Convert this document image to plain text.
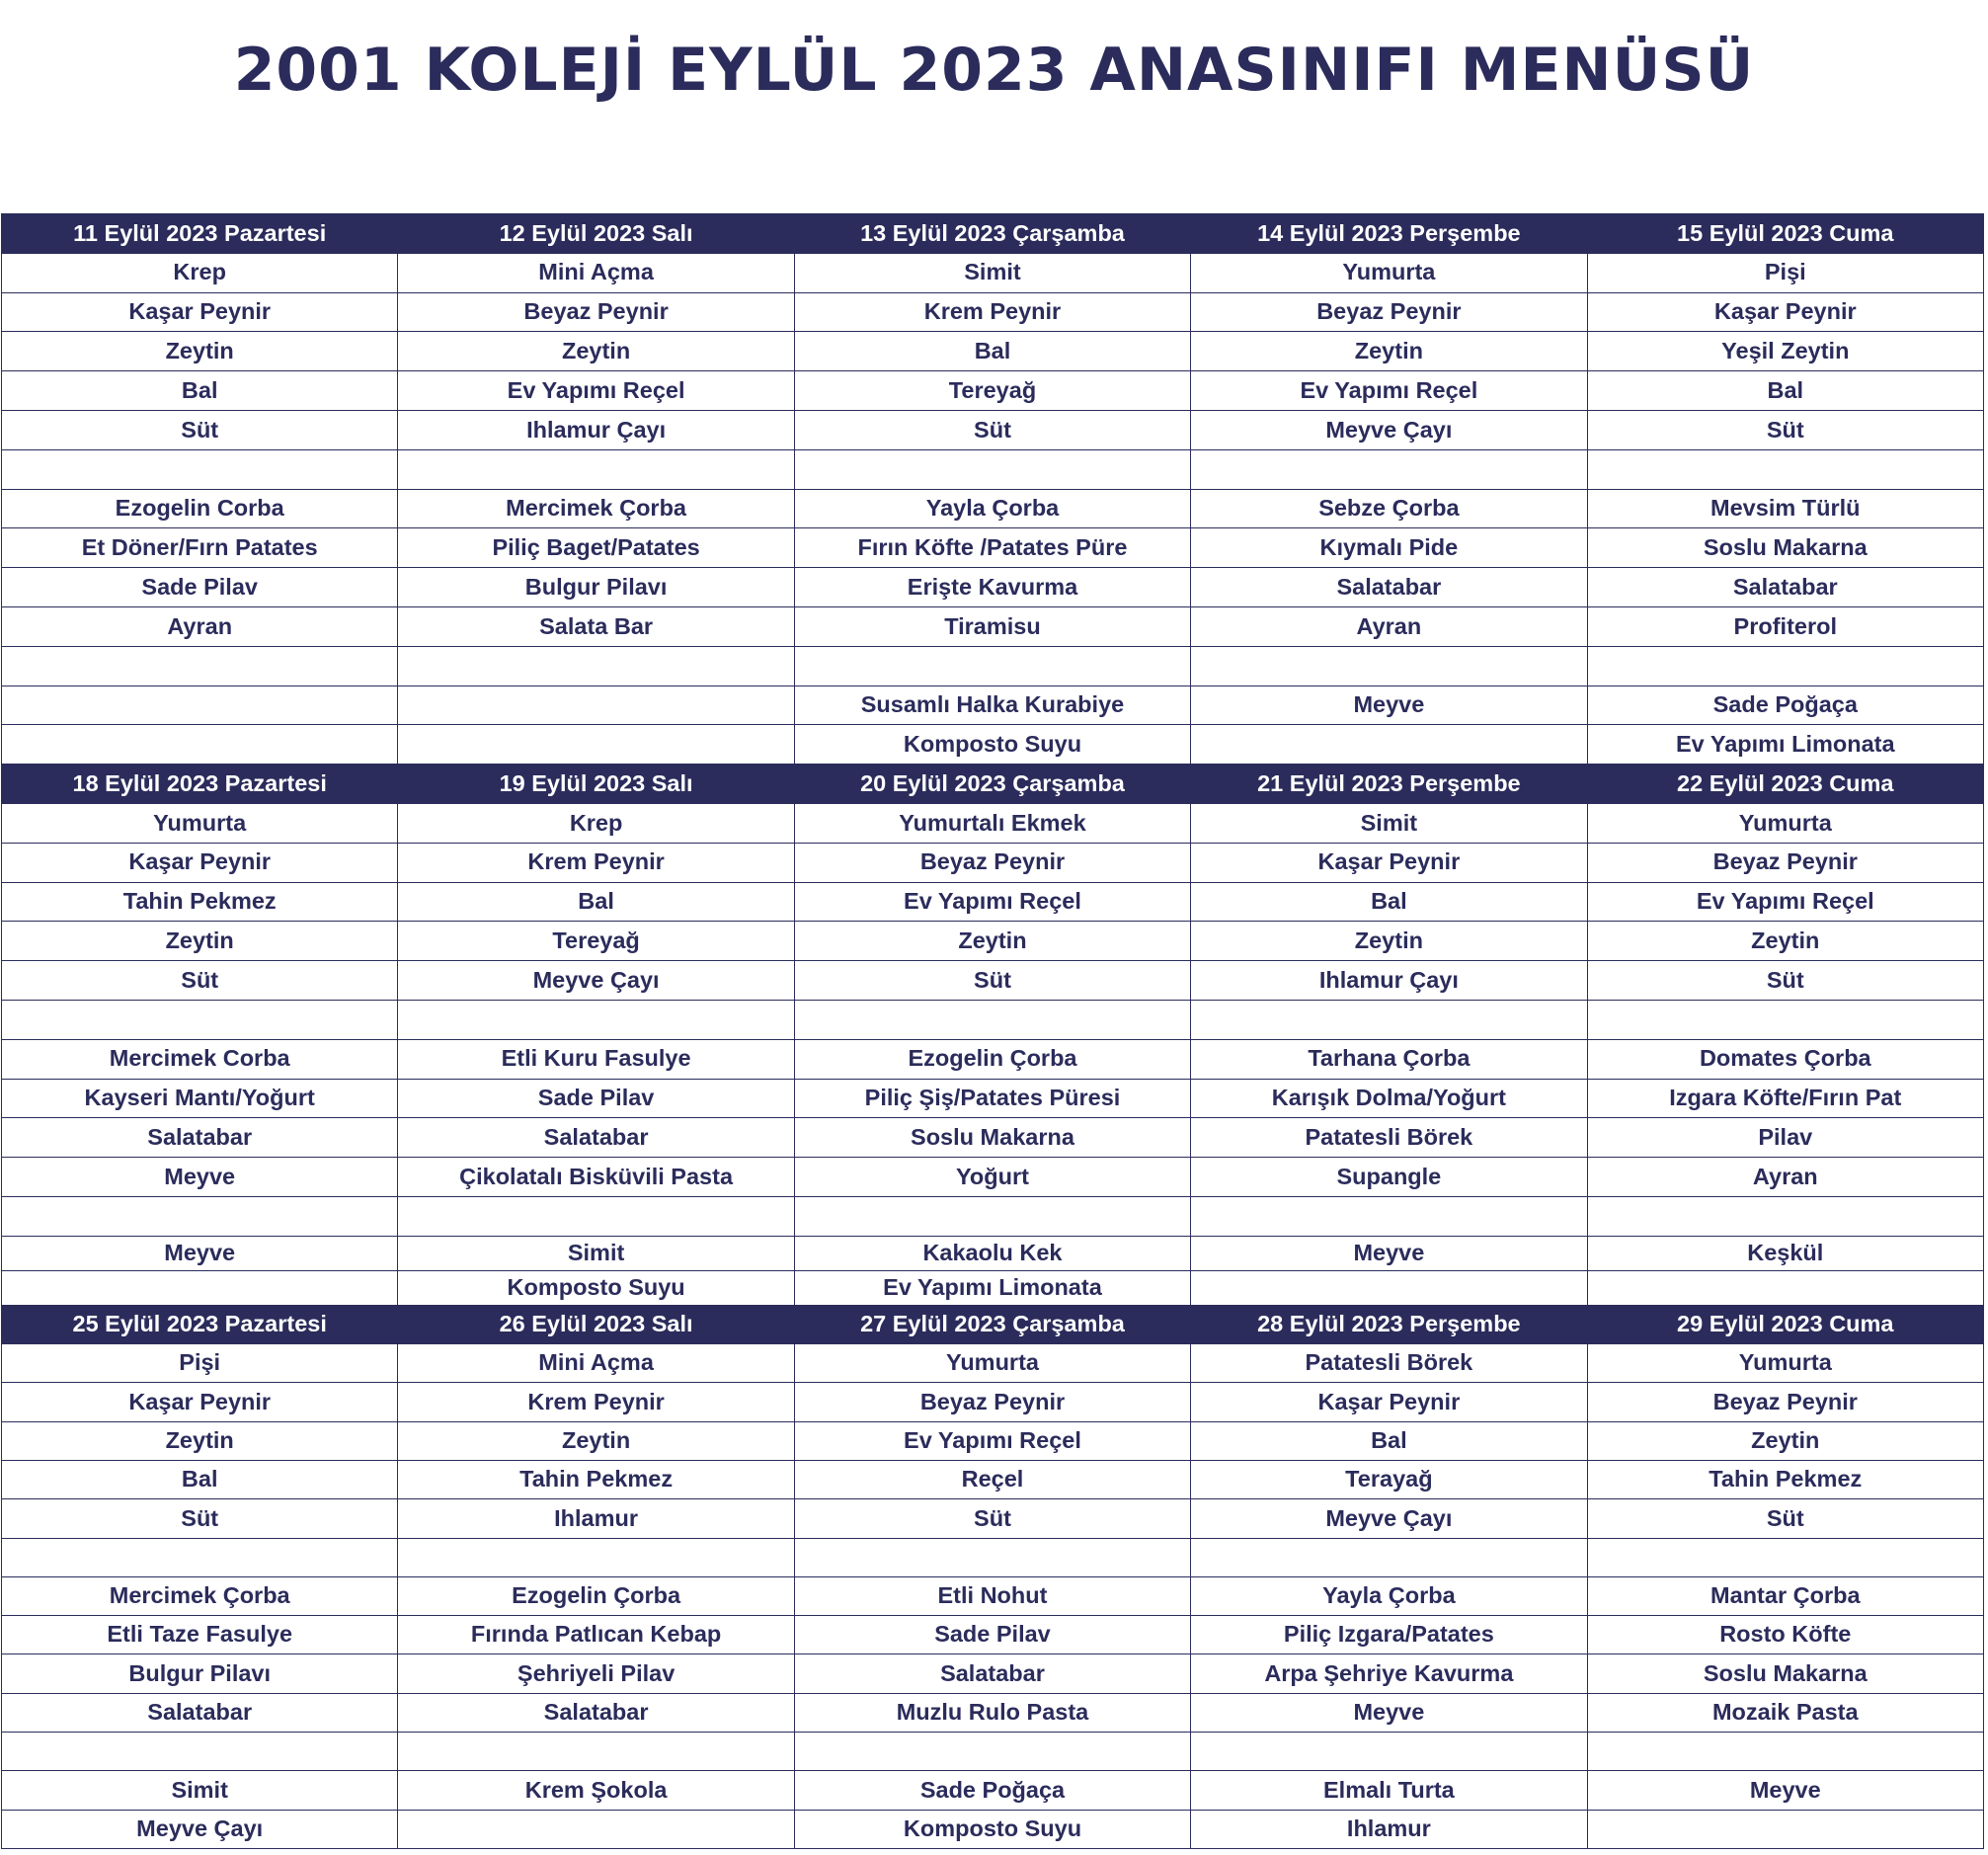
2001 KOLEJİ EYLÜL 2023 ANASINIFI MENÜSÜ
11 Eylül 2023 Pazartesi	12 Eylül 2023 Salı	13 Eylül 2023 Çarşamba	14 Eylül 2023 Perşembe	15 Eylül 2023 Cuma
Krep	Mini Açma	Simit	Yumurta	Pişi
Kaşar Peynir	Beyaz Peynir	Krem Peynir	Beyaz Peynir	Kaşar Peynir
Zeytin	Zeytin	Bal	Zeytin	Yeşil Zeytin
Bal	Ev Yapımı Reçel	Tereyağ	Ev Yapımı Reçel	Bal
Süt	Ihlamur Çayı	Süt	Meyve Çayı	Süt

Ezogelin Corba	Mercimek Çorba	Yayla Çorba	Sebze Çorba	Mevsim Türlü
Et Döner/Fırn Patates	Piliç Baget/Patates	Fırın Köfte /Patates Püre	Kıymalı Pide	Soslu Makarna
Sade Pilav	Bulgur Pilavı	Erişte Kavurma	Salatabar	Salatabar
Ayran	Salata Bar	Tiramisu	Ayran	Profiterol

		Susamlı Halka Kurabiye	Meyve	Sade Poğaça
		Komposto Suyu		Ev Yapımı Limonata
18 Eylül 2023 Pazartesi	19 Eylül 2023 Salı	20 Eylül 2023 Çarşamba	21 Eylül 2023 Perşembe	22 Eylül 2023 Cuma
Yumurta	Krep	Yumurtalı Ekmek	Simit	Yumurta
Kaşar Peynir	Krem Peynir	Beyaz Peynir	Kaşar Peynir	Beyaz Peynir
Tahin Pekmez	Bal	Ev Yapımı Reçel	Bal	Ev Yapımı Reçel
Zeytin	Tereyağ	Zeytin	Zeytin	Zeytin
Süt	Meyve Çayı	Süt	Ihlamur Çayı	Süt

Mercimek Corba	Etli Kuru Fasulye	Ezogelin Çorba	Tarhana Çorba	Domates Çorba
Kayseri Mantı/Yoğurt	Sade Pilav	Piliç Şiş/Patates Püresi	Karışık Dolma/Yoğurt	Izgara Köfte/Fırın Pat
Salatabar	Salatabar	Soslu Makarna	Patatesli Börek	Pilav
Meyve	Çikolatalı Bisküvili Pasta	Yoğurt	Supangle	Ayran

Meyve	Simit	Kakaolu Kek	Meyve	Keşkül
	Komposto Suyu	Ev Yapımı Limonata		
25 Eylül 2023 Pazartesi	26 Eylül 2023 Salı	27 Eylül 2023 Çarşamba	28 Eylül 2023 Perşembe	29 Eylül 2023 Cuma
Pişi	Mini Açma	Yumurta	Patatesli Börek	Yumurta
Kaşar Peynir	Krem Peynir	Beyaz Peynir	Kaşar Peynir	Beyaz Peynir
Zeytin	Zeytin	Ev Yapımı Reçel	Bal	Zeytin
Bal	Tahin Pekmez	Reçel	Terayağ	Tahin Pekmez
Süt	Ihlamur	Süt	Meyve Çayı	Süt

Mercimek Çorba	Ezogelin Çorba	Etli Nohut	Yayla Çorba	Mantar Çorba
Etli Taze Fasulye	Fırında Patlıcan Kebap	Sade Pilav	Piliç Izgara/Patates	Rosto Köfte
Bulgur Pilavı	Şehriyeli Pilav	Salatabar	Arpa Şehriye Kavurma	Soslu Makarna
Salatabar	Salatabar	Muzlu Rulo Pasta	Meyve	Mozaik Pasta

Simit	Krem Şokola	Sade Poğaça	Elmalı Turta	Meyve
Meyve Çayı		Komposto Suyu	Ihlamur	
